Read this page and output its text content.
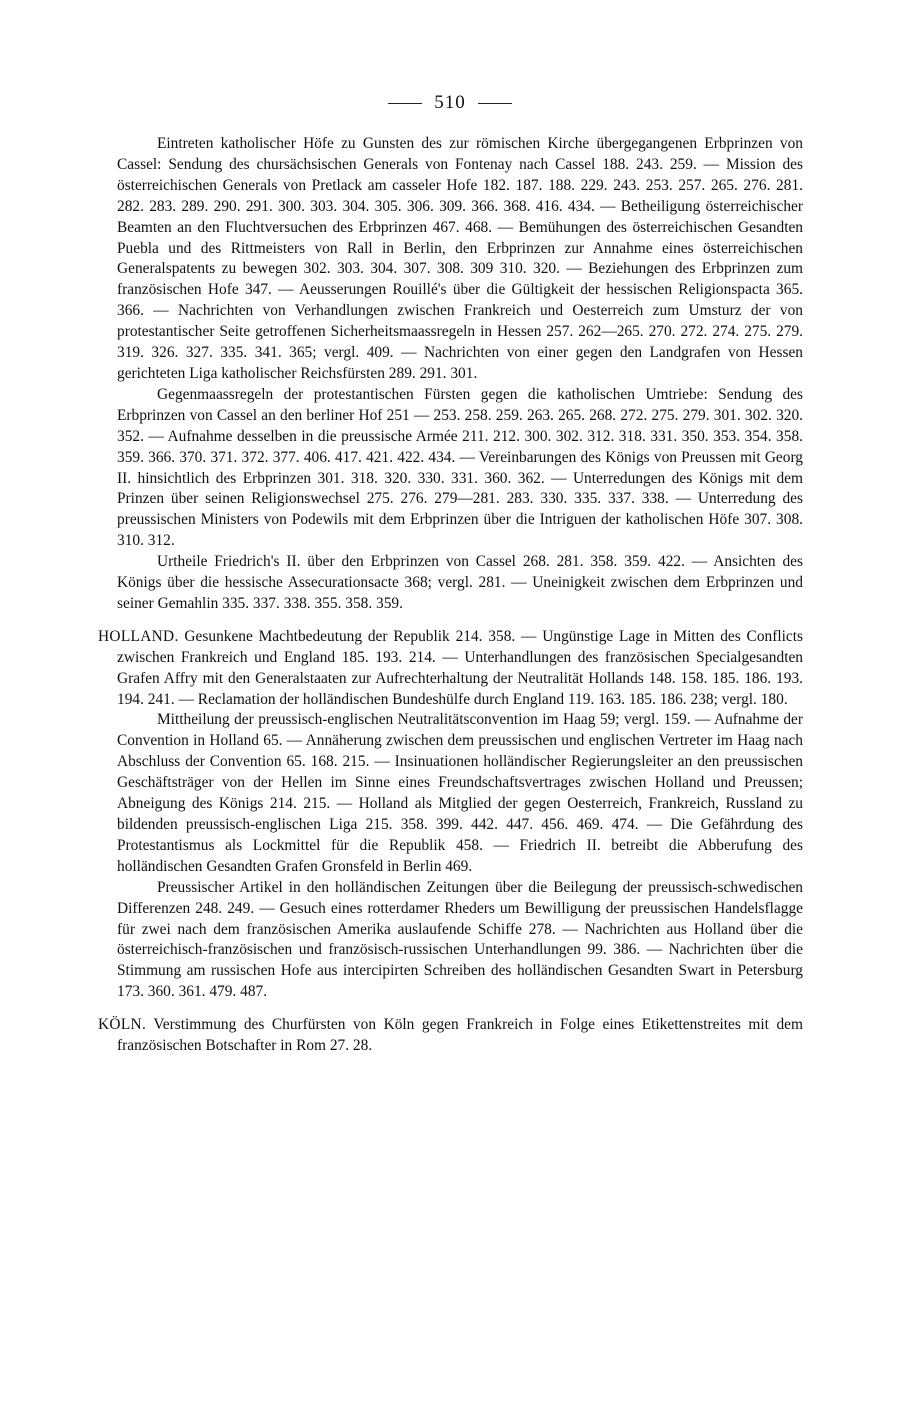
510

Eintreten katholischer Höfe zu Gunsten des zur römischen Kirche übergegangenen Erbprinzen von Cassel: Sendung des chursächsischen Generals von Fontenay nach Cassel 188. 243. 259. — Mission des österreichischen Generals von Pretlack am casseler Hofe 182. 187. 188. 229. 243. 253. 257. 265. 276. 281. 282. 283. 289. 290. 291. 300. 303. 304. 305. 306. 309. 366. 368. 416. 434. — Betheiligung österreichischer Beamten an den Fluchtversuchen des Erbprinzen 467. 468. — Bemühungen des österreichischen Gesandten Puebla und des Rittmeisters von Rall in Berlin, den Erbprinzen zur Annahme eines österreichischen Generalspatents zu bewegen 302. 303. 304. 307. 308. 309 310. 320. — Beziehungen des Erbprinzen zum französischen Hofe 347. — Aeusserungen Rouillé's über die Gültigkeit der hessischen Religionspacta 365. 366. — Nachrichten von Verhandlungen zwischen Frankreich und Oesterreich zum Umsturz der von protestantischer Seite getroffenen Sicherheitsmaassregeln in Hessen 257. 262—265. 270. 272. 274. 275. 279. 319. 326. 327. 335. 341. 365; vergl. 409. — Nachrichten von einer gegen den Landgrafen von Hessen gerichteten Liga katholischer Reichsfürsten 289. 291. 301.

Gegenmaassregeln der protestantischen Fürsten gegen die katholischen Umtriebe: Sendung des Erbprinzen von Cassel an den berliner Hof 251 — 253. 258. 259. 263. 265. 268. 272. 275. 279. 301. 302. 320. 352. — Aufnahme desselben in die preussische Armée 211. 212. 300. 302. 312. 318. 331. 350. 353. 354. 358. 359. 366. 370. 371. 372. 377. 406. 417. 421. 422. 434. — Vereinbarungen des Königs von Preussen mit Georg II. hinsichtlich des Erbprinzen 301. 318. 320. 330. 331. 360. 362. — Unterredungen des Königs mit dem Prinzen über seinen Religionswechsel 275. 276. 279—281. 283. 330. 335. 337. 338. — Unterredung des preussischen Ministers von Podewils mit dem Erbprinzen über die Intriguen der katholischen Höfe 307. 308. 310. 312.

Urtheile Friedrich's II. über den Erbprinzen von Cassel 268. 281. 358. 359. 422. — Ansichten des Königs über die hessische Assecurationsacte 368; vergl. 281. — Uneinigkeit zwischen dem Erbprinzen und seiner Gemahlin 335. 337. 338. 355. 358. 359.

HOLLAND. Gesunkene Machtbedeutung der Republik 214. 358. — Ungünstige Lage in Mitten des Conflicts zwischen Frankreich und England 185. 193. 214. — Unterhandlungen des französischen Specialgesandten Grafen Affry mit den Generalstaaten zur Aufrechterhaltung der Neutralität Hollands 148. 158. 185. 186. 193. 194. 241. — Reclamation der holländischen Bundeshülfe durch England 119. 163. 185. 186. 238; vergl. 180.

Mittheilung der preussisch-englischen Neutralitätsconvention im Haag 59; vergl. 159. — Aufnahme der Convention in Holland 65. — Annäherung zwischen dem preussischen und englischen Vertreter im Haag nach Abschluss der Convention 65. 168. 215. — Insinuationen holländischer Regierungsleiter an den preussischen Geschäftsträger von der Hellen im Sinne eines Freundschaftsvertrages zwischen Holland und Preussen; Abneigung des Königs 214. 215. — Holland als Mitglied der gegen Oesterreich, Frankreich, Russland zu bildenden preussisch-englischen Liga 215. 358. 399. 442. 447. 456. 469. 474. — Die Gefährdung des Protestantismus als Lockmittel für die Republik 458. — Friedrich II. betreibt die Abberufung des holländischen Gesandten Grafen Gronsfeld in Berlin 469.

Preussischer Artikel in den holländischen Zeitungen über die Beilegung der preussisch-schwedischen Differenzen 248. 249. — Gesuch eines rotterdamer Rheders um Bewilligung der preussischen Handelsflagge für zwei nach dem französischen Amerika auslaufende Schiffe 278. — Nachrichten aus Holland über die österreichisch-französischen und französisch-russischen Unterhandlungen 99. 386. — Nachrichten über die Stimmung am russischen Hofe aus intercipirten Schreiben des holländischen Gesandten Swart in Petersburg 173. 360. 361. 479. 487.

KÖLN. Verstimmung des Churfürsten von Köln gegen Frankreich in Folge eines Etikettenstreites mit dem französischen Botschafter in Rom 27. 28.
